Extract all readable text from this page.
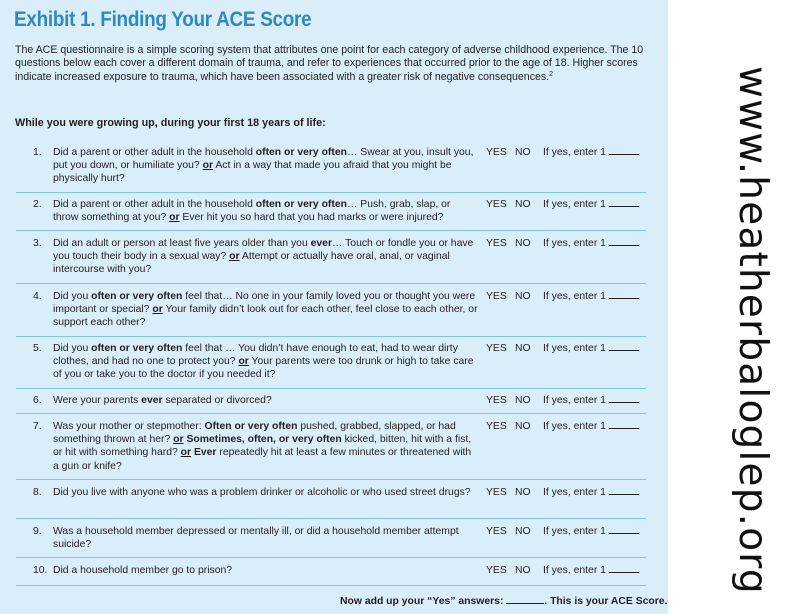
Exhibit 1. Finding Your ACE Score

The ACE questionnaire is a simple scoring system that attributes one point for each category of adverse childhood experience. The 10 questions below each cover a different domain of trauma, and refer to experiences that occurred prior to the age of 18. Higher scores indicate increased exposure to trauma, which have been associated with a greater risk of negative consequences.$^2$

While you were growing up, during your first 18 years of life:
1.	Did a parent or other adult in the household often or very often… Swear at you, insult you, put you down, or humiliate you? or Act in a way that made you afraid that you might be physically hurt?
YES NO If yes, enter 1
2.	Did a parent or other adult in the household often or very often… Push, grab, slap, or throw something at you? or Ever hit you so hard that you had marks or were injured?
YES NO If yes, enter 1
3.	Did an adult or person at least five years older than you ever… Touch or fondle you or have you touch their body in a sexual way? or Attempt or actually have oral, anal, or vaginal intercourse with you?
YES NO If yes, enter 1
4.	Did you often or very often feel that… No one in your family loved you or thought you were important or special? or Your family didn’t look out for each other, feel close to each other, or support each other?
YES NO If yes, enter 1
5.	Did you often or very often feel that … You didn’t have enough to eat, had to wear dirty clothes, and had no one to protect you? or Your parents were too drunk or high to take care of you or take you to the doctor if you needed it?
YES NO If yes, enter 1
6.	Were your parents ever separated or divorced?	YES NO If yes, enter 1
7.	Was your mother or stepmother: Often or very often pushed, grabbed, slapped, or had something thrown at her? or Sometimes, often, or very often kicked, bitten, hit with a fist, or hit with something hard? or Ever repeatedly hit at least a few minutes or threatened with a gun or knife?
YES NO If yes, enter 1
8.	Did you live with anyone who was a problem drinker or alcoholic or who used street drugs?	YES NO If yes, enter 1
9.	Was a household member depressed or mentally ill, or did a household member attempt suicide?
YES NO If yes, enter 1
10. Did a household member go to prison?	YES NO If yes, enter 1
Now add up your “Yes” answers:	. This is your ACE Score.
www.heatherbaloglep.org
